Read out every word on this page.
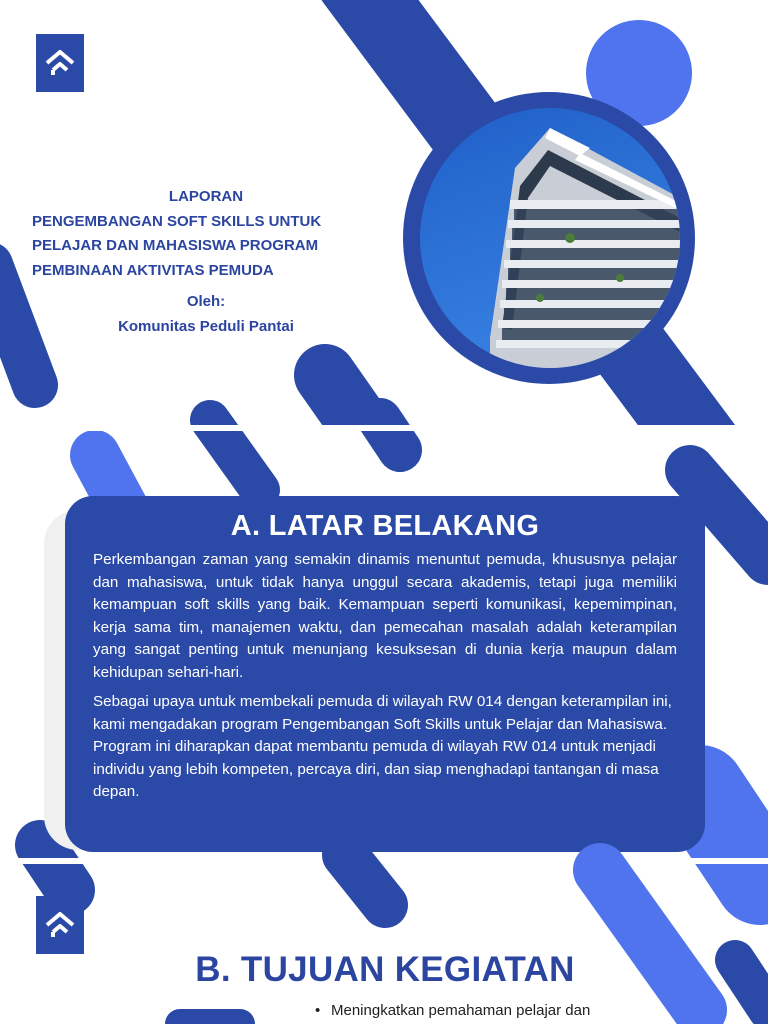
LAPORAN
PENGEMBANGAN SOFT SKILLS UNTUK
PELAJAR DAN MAHASISWA PROGRAM
PEMBINAAN AKTIVITAS PEMUDA
Oleh:
Komunitas Peduli Pantai
A. LATAR BELAKANG

Perkembangan zaman yang semakin dinamis menuntut pemuda, khususnya pelajar dan mahasiswa, untuk tidak hanya unggul secara akademis, tetapi juga memiliki kemampuan soft skills yang baik. Kemampuan seperti komunikasi, kepemimpinan, kerja sama tim, manajemen waktu, dan pemecahan masalah adalah keterampilan yang sangat penting untuk menunjang kesuksesan di dunia kerja maupun dalam kehidupan sehari-hari.

Sebagai upaya untuk membekali pemuda di wilayah RW 014 dengan keterampilan ini, kami mengadakan program Pengembangan Soft Skills untuk Pelajar dan Mahasiswa. Program ini diharapkan dapat membantu pemuda di wilayah RW 014 untuk menjadi individu yang lebih kompeten, percaya diri, dan siap menghadapi tantangan di masa depan.

B. TUJUAN KEGIATAN
• Meningkatkan pemahaman pelajar dan
